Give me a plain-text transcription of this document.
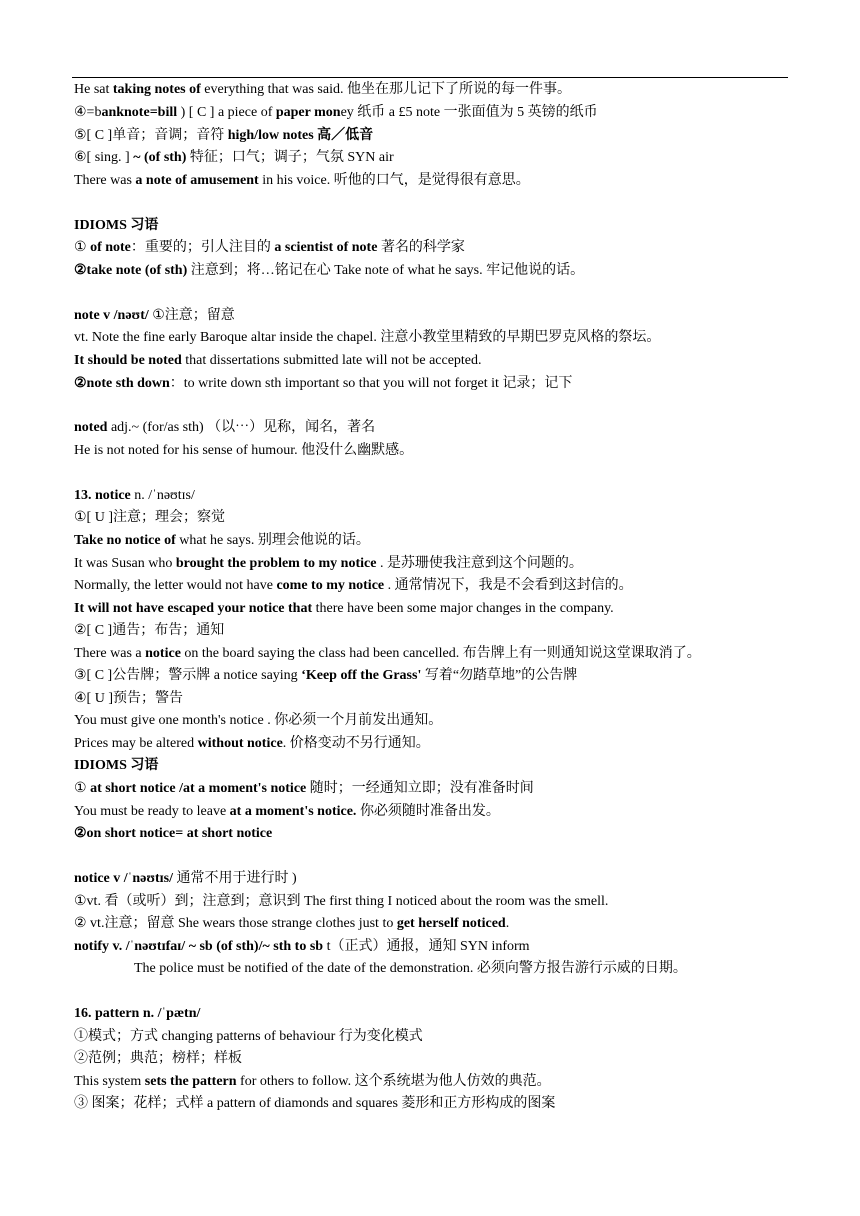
He sat taking notes of everything that was said. 他坐在那儿记下了所说的每一件事。
④=banknote=bill ) [ C ] a piece of paper money 纸币 a £5 note 一张面值为 5 英镑的纸币
⑤[ C ]单音；音调；音符 high/low notes 高／低音
⑥[ sing. ] ~ (of sth) 特征；口气；调子；气氛 SYN air
There was a note of amusement in his voice. 听他的口气，是觉得很有意思。
IDIOMS 习语
① of note：重要的；引人注目的 a scientist of note 著名的科学家
②take note (of sth) 注意到；将…铭记在心 Take note of what he says. 牢记他说的话。
note v /nəʊt/ ①注意；留意
vt. Note the fine early Baroque altar inside the chapel. 注意小教堂里精致的早期巴罗克风格的祭坛。
It should be noted that dissertations submitted late will not be accepted.
②note sth down：to write down sth important so that you will not forget it 记录；记下
noted adj.~ (for/as sth) （以⋯）见称，闻名，著名
He is not noted for his sense of humour. 他没什么幽默感。
13. notice n. /ˈnəʊtɪs/
①[ U ]注意；理会；察觉
Take no notice of what he says. 别理会他说的话。
It was Susan who brought the problem to my notice . 是苏珊使我注意到这个问题的。
Normally, the letter would not have come to my notice . 通常情况下，我是不会看到这封信的。
It will not have escaped your notice that there have been some major changes in the company.
②[ C ]通告；布告；通知
There was a notice on the board saying the class had been cancelled. 布告牌上有一则通知说这堂课取消了。
③[ C ]公告牌；警示牌 a notice saying ‘Keep off the Grass' 写着“勿踏草地”的公告牌
④[ U ]预告；警告
You must give one month's notice . 你必须一个月前发出通知。
Prices may be altered without notice. 价格变动不另行通知。
IDIOMS 习语
① at short notice /at a moment's notice 随时；一经通知立即；没有准备时间
You must be ready to leave at a moment's notice. 你必须随时准备出发。
②on short notice= at short notice
notice v /ˈnəʊtɪs/ 通常不用于进行时 )
①vt. 看（或听）到；注意到；意识到 The first thing I noticed about the room was the smell.
② vt.注意；留意 She wears those strange clothes just to get herself noticed.
notify v. /ˈnəʊtɪfaɪ/ ~ sb (of sth)/~ sth to sb t（正式）通报，通知 SYN inform
The police must be notified of the date of the demonstration. 必须向警方报告游行示威的日期。
16. pattern n. /ˈpætn/
①模式；方式 changing patterns of behaviour 行为变化模式
②范例；典范；榜样；样板
This system sets the pattern for others to follow. 这个系统堪为他人仿效的典范。
③ 图案；花样；式样 a pattern of diamonds and squares 菱形和正方形构成的图案
